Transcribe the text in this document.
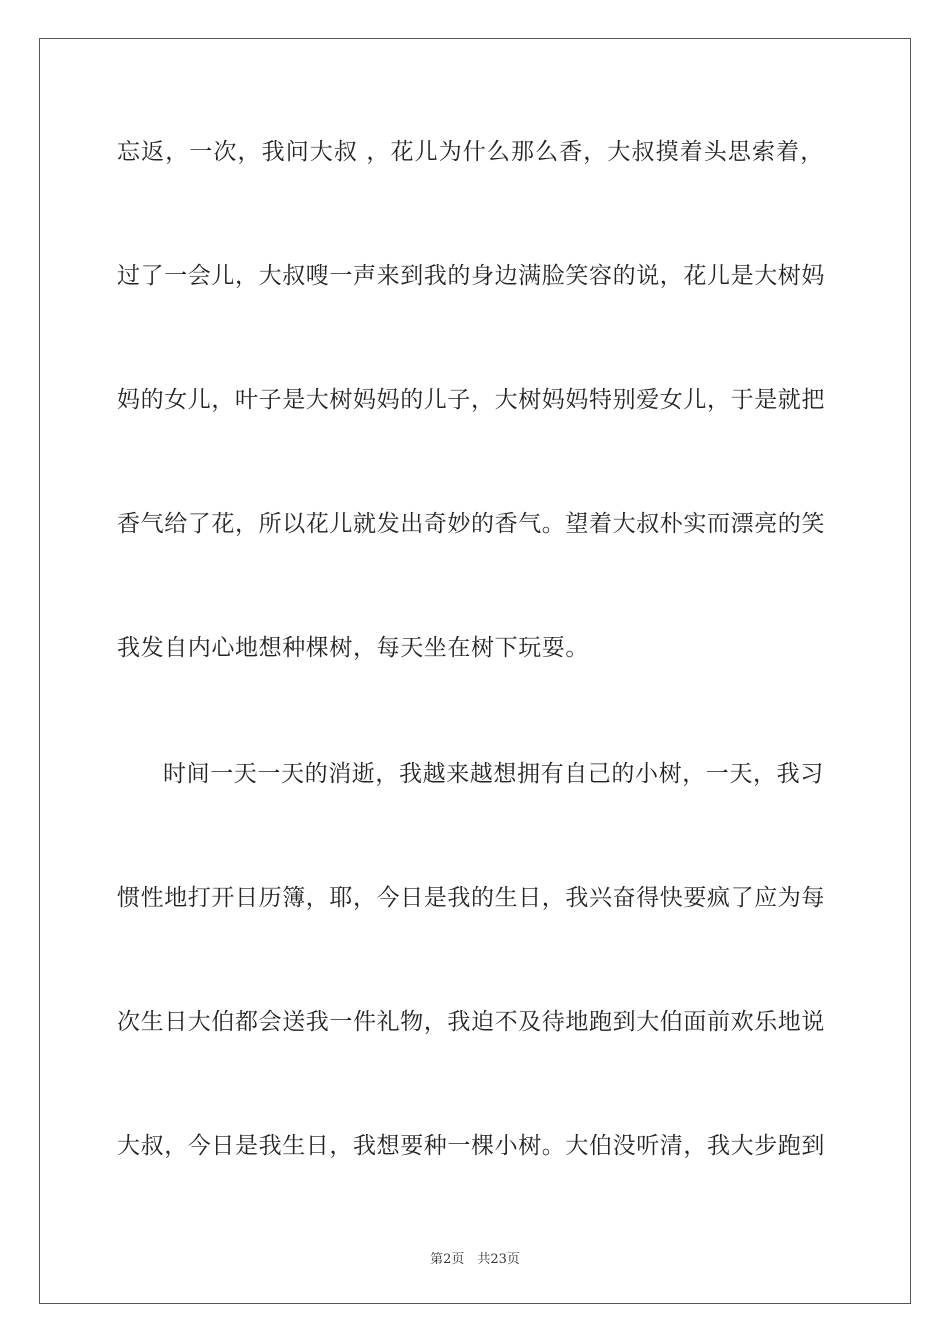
忘返，一次，我问大叔 ，花儿为什么那么香，大叔摸着头思索着，
过了一会儿，大叔嗖一声来到我的身边满脸笑容的说，花儿是大树妈
妈的女儿，叶子是大树妈妈的儿子，大树妈妈特别爱女儿，于是就把
香气给了花，所以花儿就发出奇妙的香气。望着大叔朴实而漂亮的笑
我发自内心地想种棵树，每天坐在树下玩耍。
时间一天一天的消逝，我越来越想拥有自己的小树，一天，我习
惯性地打开日历簿，耶，今日是我的生日，我兴奋得快要疯了应为每
次生日大伯都会送我一件礼物，我迫不及待地跑到大伯面前欢乐地说
大叔，今日是我生日，我想要种一棵小树。大伯没听清，我大步跑到
第2页　共23页
